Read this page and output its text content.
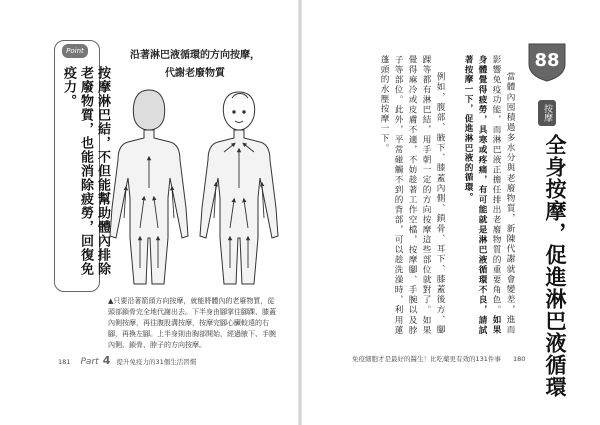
Point
按摩淋巴結，不但能幫助體內排除老廢物質，也能消除疲勞，回復免疫力。
沿著淋巴液循環的方向按摩，
代謝老廢物質
▲只要沿著箭頭方向按摩，就能將體內的老廢物質，從頭部鎖骨完全地代謝出去。下半身由腳掌往腳踝、膝蓋內側按摩，再往腹股溝按摩，按摩完腳心臟較遠的右腳，再換左腳。上半身則由胸部開始，經過腋下、手腕內側、鎖骨、脖子的方向按摩。
181 Part 4 提升免疫力的31個生活習慣
88
按摩
全身按摩，促進淋巴液循環

當體內囤積過多水分與老廢物質，新陳代謝就會變差，進而影響免疫功能，而淋巴液正擔任排出老廢物質的重要角色。如果身體覺得疲勞，具寒或疼痛，有可能就是淋巴液循環不良，請試著按摩一下，促進淋巴液的循環。

例如，腹部、腋下、膝蓋內側、鎖骨、耳下、膝蓋後方、腳踝等都有淋巴結，用手朝一定的方向按摩這些部位就對了。如果覺得麻冷或皮膚不適，不妨趁著工作空檔，按摩腳、手腕以及脖子等部位。此外，平常碰觸不到的背部，可以趁洗澡時，利用蓮蓬頭的水壓按摩一下。

免疫細胞才是最好的醫生！比吃藥更有效的131件事 180
